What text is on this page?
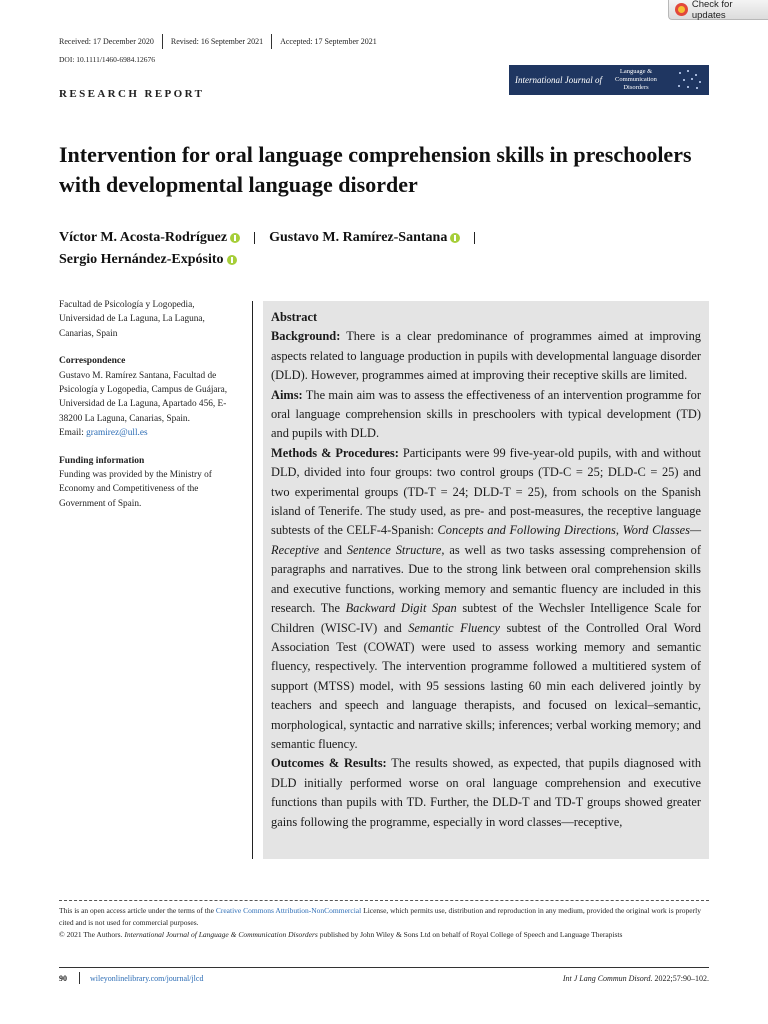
Check for updates
Received: 17 December 2020 Revised: 16 September 2021 Accepted: 17 September 2021
DOI: 10.1111/1460-6984.12676
RESEARCH REPORT
International Journal of
Language &
Communication
Disorders
Intervention for oral language comprehension skills in preschoolers with developmental language disorder
Víctor M. Acosta-Rodríguez	Gustavo M. Ramírez-Santana

Sergio Hernández-Expósito
Facultad de Psicología y Logopedia, Universidad de La Laguna, La Laguna, Canarias, Spain
Correspondence
Gustavo M. Ramírez Santana, Facultad de Psicología y Logopedia, Campus de Guájara, Universidad de La Laguna, Apartado 456, E-38200 La Laguna, Canarias, Spain.
Email: gramirez@ull.es
Funding information
Funding was provided by the Ministry of Economy and Competitiveness of the Government of Spain.
Abstract

Background: There is a clear predominance of programmes aimed at improving aspects related to language production in pupils with developmental language disorder (DLD). However, programmes aimed at improving their receptive skills are limited.

Aims: The main aim was to assess the effectiveness of an intervention programme for oral language comprehension skills in preschoolers with typical development (TD) and pupils with DLD.

Methods & Procedures: Participants were 99 five-year-old pupils, with and without DLD, divided into four groups: two control groups (TD-C = 25; DLD-C = 25) and two experimental groups (TD-T = 24; DLD-T = 25), from schools on the Spanish island of Tenerife. The study used, as pre- and post-measures, the receptive language subtests of the CELF-4-Spanish: Concepts and Following Directions, Word Classes—Receptive and Sentence Structure, as well as two tasks assessing comprehension of paragraphs and narratives. Due to the strong link between oral comprehension skills and executive functions, working memory and semantic fluency are included in this research. The Backward Digit Span subtest of the Wechsler Intelligence Scale for Children (WISC-IV) and Semantic Fluency subtest of the Controlled Oral Word Association Test (COWAT) were used to assess working memory and semantic fluency, respectively. The intervention programme followed a multitiered system of support (MTSS) model, with 95 sessions lasting 60 min each delivered jointly by teachers and speech and language therapists, and focused on lexical–semantic, morphological, syntactic and narrative skills; inferences; verbal working memory; and semantic fluency.

Outcomes & Results: The results showed, as expected, that pupils diagnosed with DLD initially performed worse on oral language comprehension and executive functions than pupils with TD. Further, the DLD-T and TD-T groups showed greater gains following the programme, especially in word classes—receptive,

This is an open access article under the terms of the Creative Commons Attribution-NonCommercial License, which permits use, distribution and reproduction in any medium, provided the original work is properly cited and is not used for commercial purposes.
© 2021 The Authors. International Journal of Language & Communication Disorders published by John Wiley & Sons Ltd on behalf of Royal College of Speech and Language Therapists
90	wileyonlinelibrary.com/journal/jlcd	Int J Lang Commun Disord. 2022;57:90–102.
